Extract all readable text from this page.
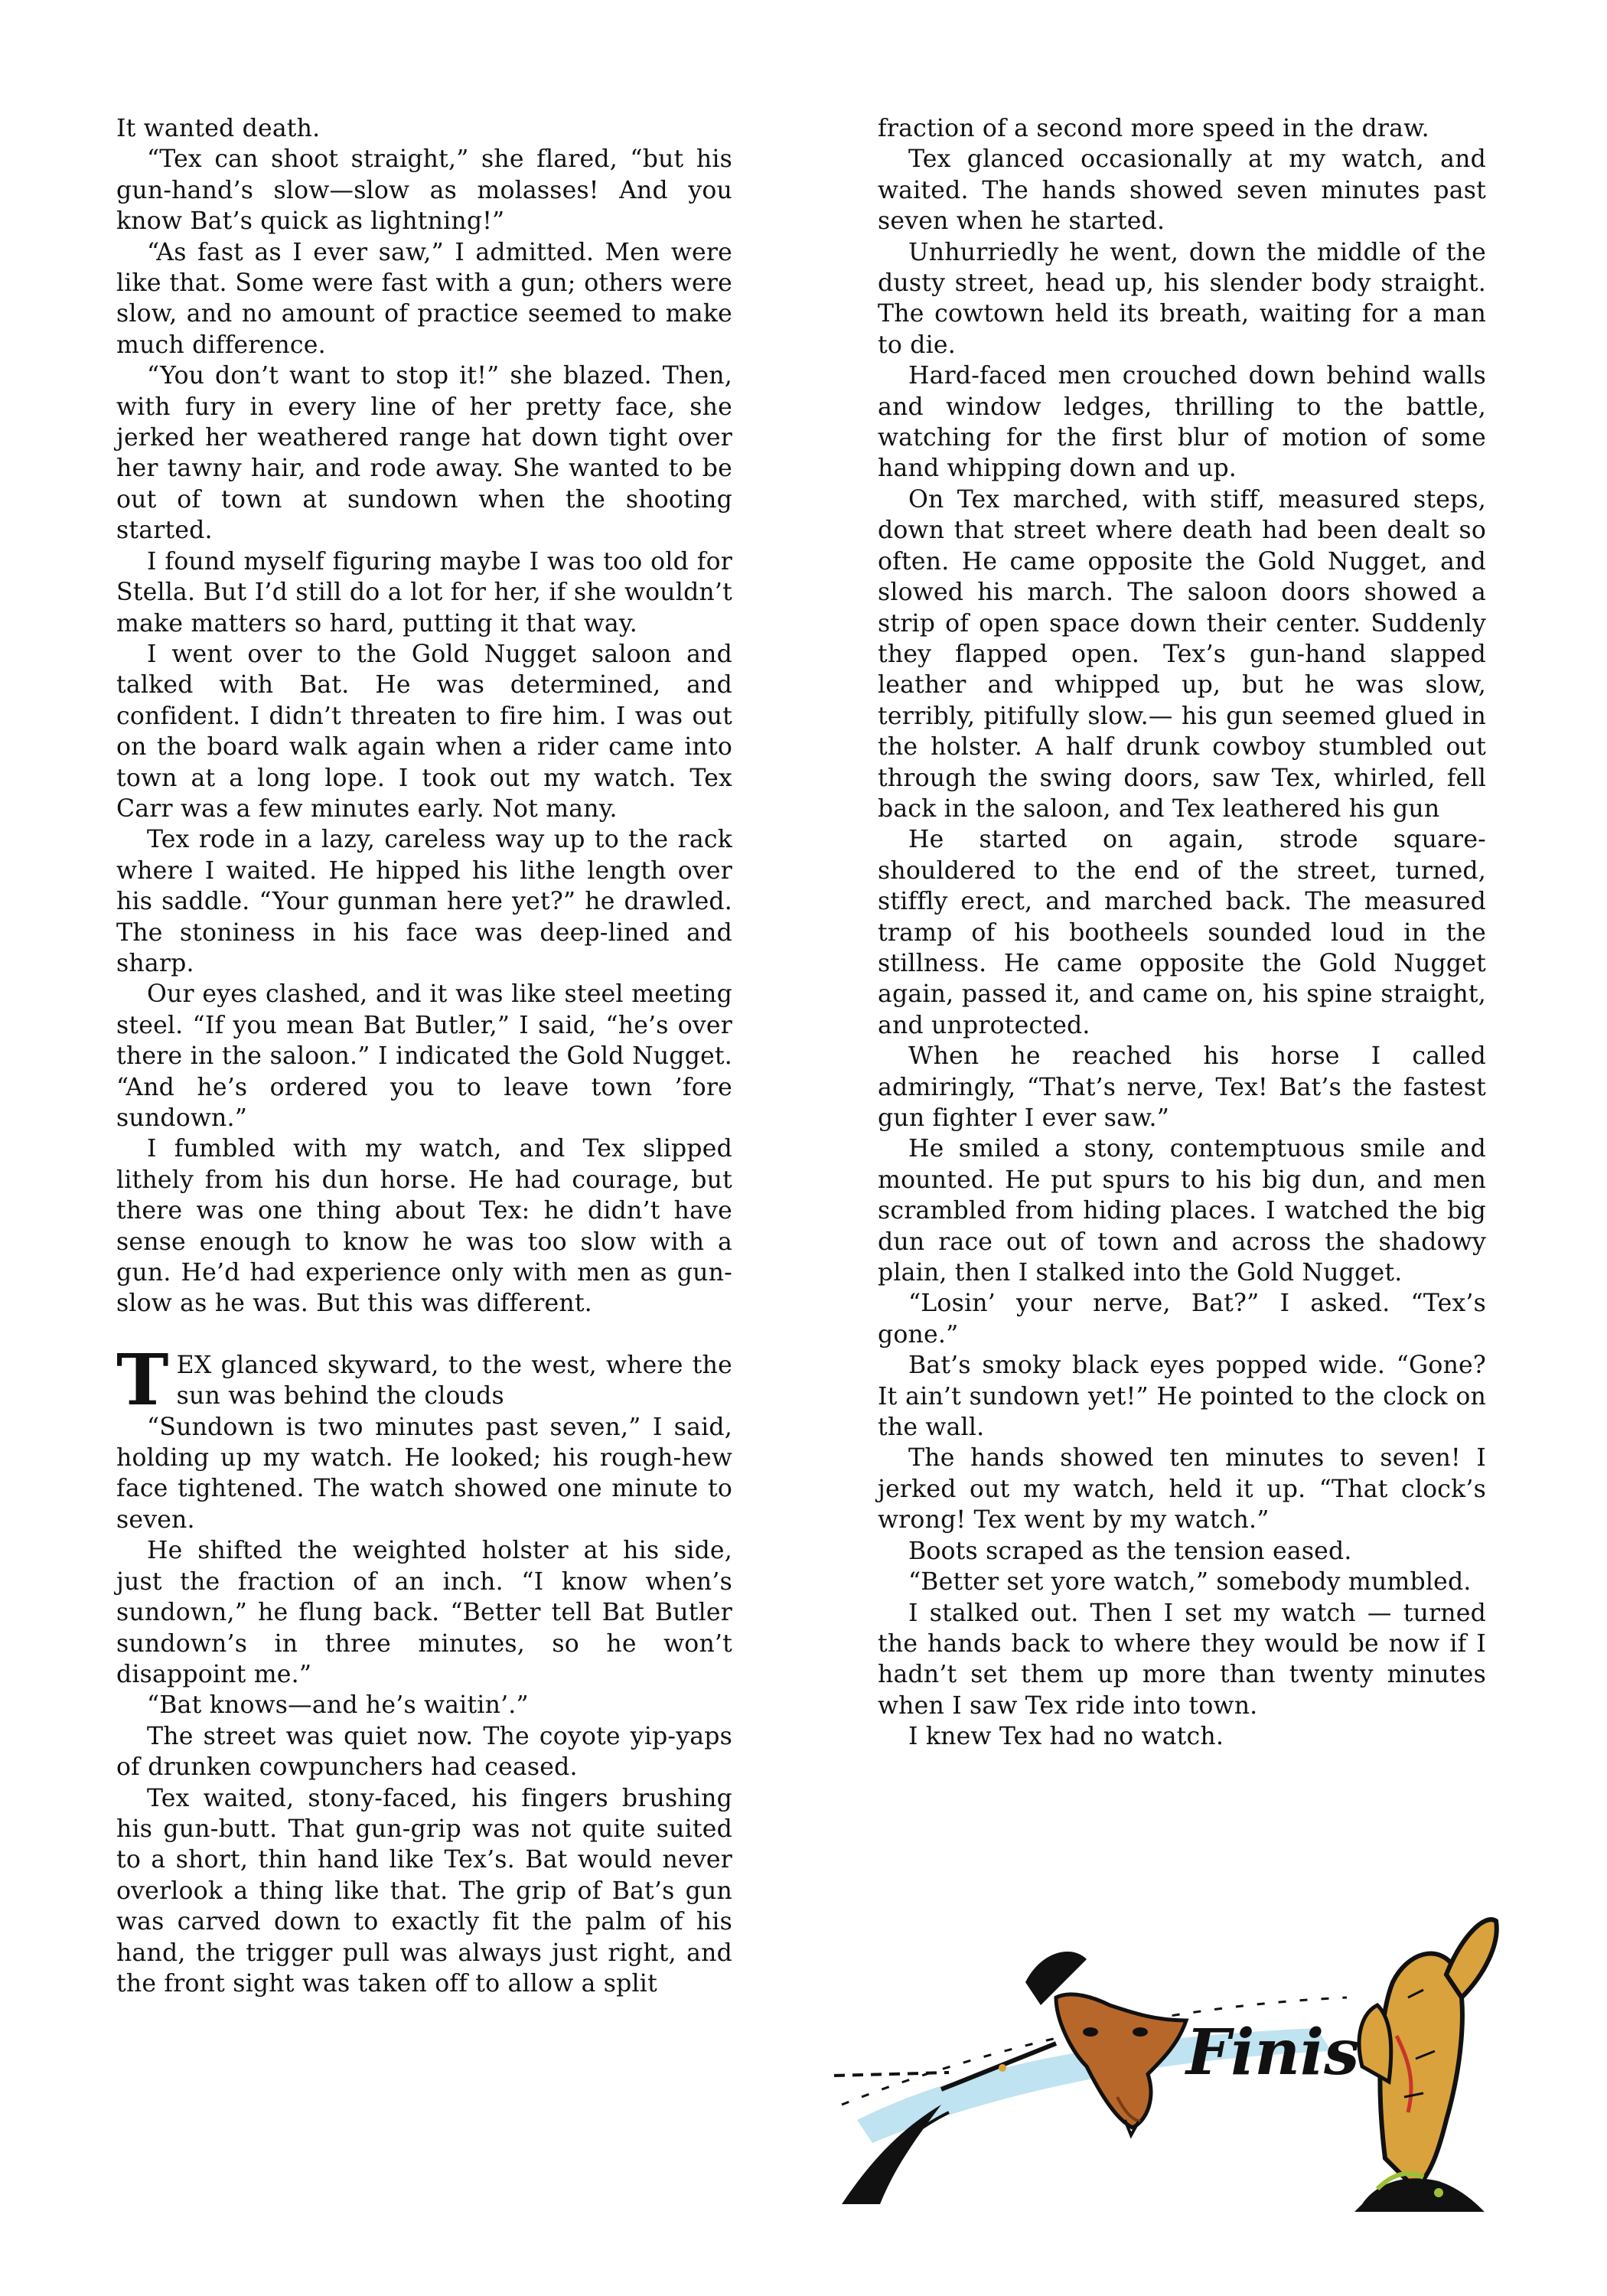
It wanted death.

“Tex can shoot straight,” she flared, “but his gun-hand’s slow—slow as molasses! And you know Bat’s quick as lightning!”

“As fast as I ever saw,” I admitted. Men were like that. Some were fast with a gun; others were slow, and no amount of practice seemed to make much difference.

“You don’t want to stop it!” she blazed. Then, with fury in every line of her pretty face, she jerked her weathered range hat down tight over her tawny hair, and rode away. She wanted to be out of town at sundown when the shooting started.

I found myself figuring maybe I was too old for Stella. But I’d still do a lot for her, if she wouldn’t make matters so hard, putting it that way.

I went over to the Gold Nugget saloon and talked with Bat. He was determined, and confident. I didn’t threaten to fire him. I was out on the board walk again when a rider came into town at a long lope. I took out my watch. Tex Carr was a few minutes early. Not many.

Tex rode in a lazy, careless way up to the rack where I waited. He hipped his lithe length over his saddle. “Your gunman here yet?” he drawled. The stoniness in his face was deep-lined and sharp.

Our eyes clashed, and it was like steel meeting steel. “If you mean Bat Butler,” I said, “he’s over there in the saloon.” I indicated the Gold Nugget. “And he’s ordered you to leave town ’fore sundown.”

I fumbled with my watch, and Tex slipped lithely from his dun horse. He had courage, but there was one thing about Tex: he didn’t have sense enough to know he was too slow with a gun. He’d had experience only with men as gun-slow as he was. But this was different.

TEX glanced skyward, to the west, where the sun was behind the clouds

“Sundown is two minutes past seven,” I said, holding up my watch. He looked; his rough-hew face tightened. The watch showed one minute to seven.

He shifted the weighted holster at his side, just the fraction of an inch. “I know when’s sundown,” he flung back. “Better tell Bat Butler sundown’s in three minutes, so he won’t disappoint me.”

“Bat knows—and he’s waitin’.”

The street was quiet now. The coyote yip-yaps of drunken cowpunchers had ceased.

Tex waited, stony-faced, his fingers brushing his gun-butt. That gun-grip was not quite suited to a short, thin hand like Tex’s. Bat would never overlook a thing like that. The grip of Bat’s gun was carved down to exactly fit the palm of his hand, the trigger pull was always just right, and the front sight was taken off to allow a split

fraction of a second more speed in the draw.

Tex glanced occasionally at my watch, and waited. The hands showed seven minutes past seven when he started.

Unhurriedly he went, down the middle of the dusty street, head up, his slender body straight. The cowtown held its breath, waiting for a man to die.

Hard-faced men crouched down behind walls and window ledges, thrilling to the battle, watching for the first blur of motion of some hand whipping down and up.

On Tex marched, with stiff, measured steps, down that street where death had been dealt so often. He came opposite the Gold Nugget, and slowed his march. The saloon doors showed a strip of open space down their center. Suddenly they flapped open. Tex’s gun-hand slapped leather and whipped up, but he was slow, terribly, pitifully slow.— his gun seemed glued in the holster. A half drunk cowboy stumbled out through the swing doors, saw Tex, whirled, fell back in the saloon, and Tex leathered his gun

He started on again, strode square-shouldered to the end of the street, turned, stiffly erect, and marched back. The measured tramp of his bootheels sounded loud in the stillness. He came opposite the Gold Nugget again, passed it, and came on, his spine straight, and unprotected.

When he reached his horse I called admiringly, “That’s nerve, Tex! Bat’s the fastest gun fighter I ever saw.”

He smiled a stony, contemptuous smile and mounted. He put spurs to his big dun, and men scrambled from hiding places. I watched the big dun race out of town and across the shadowy plain, then I stalked into the Gold Nugget.

“Losin’ your nerve, Bat?” I asked. “Tex’s gone.”

Bat’s smoky black eyes popped wide. “Gone? It ain’t sundown yet!” He pointed to the clock on the wall.

The hands showed ten minutes to seven! I jerked out my watch, held it up. “That clock’s wrong! Tex went by my watch.”

Boots scraped as the tension eased.

“Better set yore watch,” somebody mumbled.

I stalked out. Then I set my watch — turned the hands back to where they would be now if I hadn’t set them up more than twenty minutes when I saw Tex ride into town.

I knew Tex had no watch.

Finis
